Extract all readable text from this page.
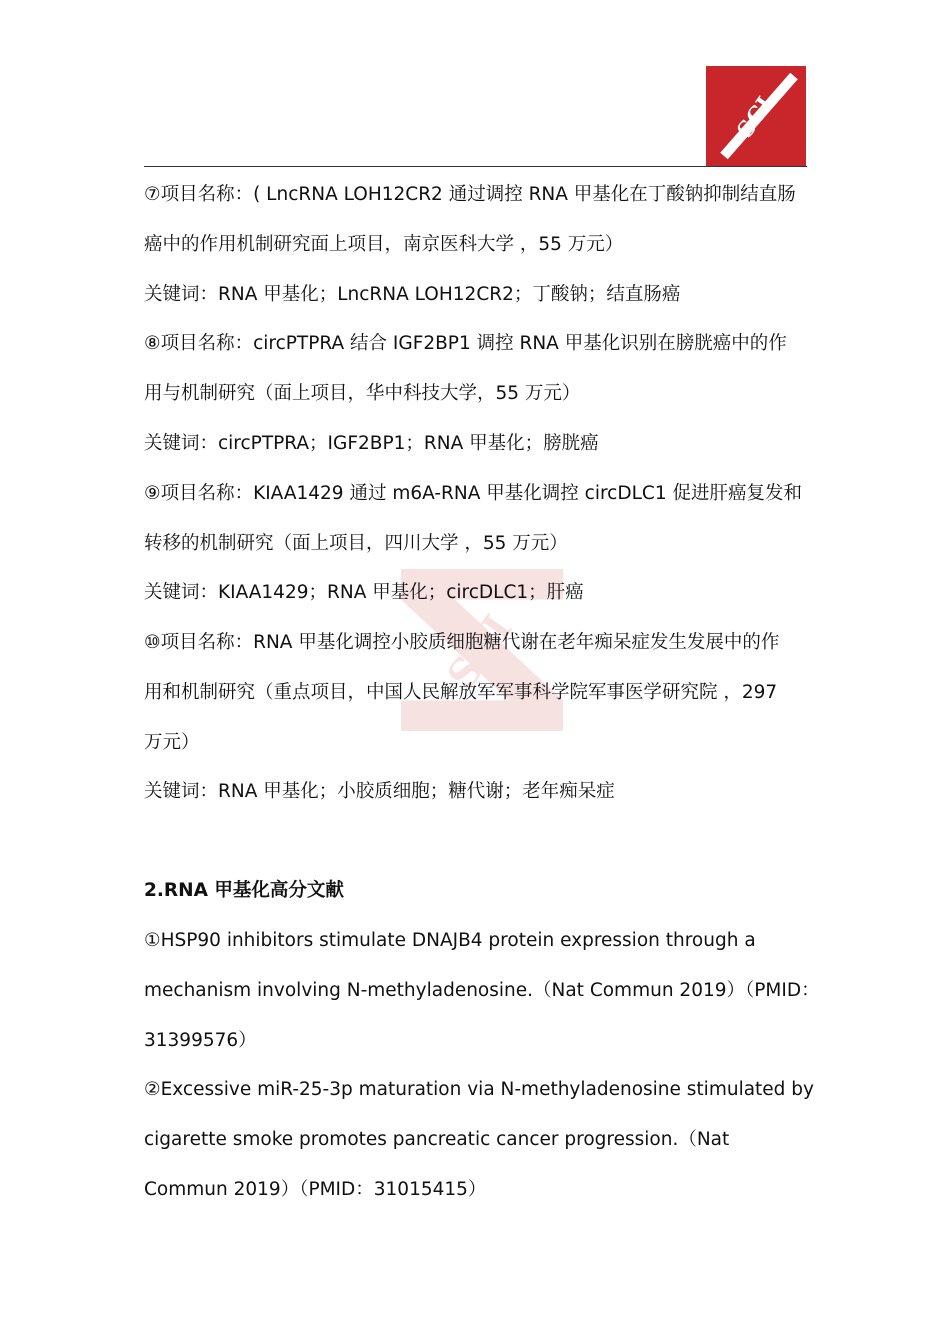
SCI
SCI
⑦项目名称：( LncRNA LOH12CR2 通过调控 RNA 甲基化在丁酸钠抑制结直肠
癌中的作用机制研究面上项目，南京医科大学 ，55 万元）
关键词：RNA 甲基化；LncRNA LOH12CR2；丁酸钠；结直肠癌
⑧项目名称：circPTPRA 结合 IGF2BP1 调控 RNA 甲基化识别在膀胱癌中的作
用与机制研究（面上项目，华中科技大学，55 万元）
关键词：circPTPRA；IGF2BP1；RNA 甲基化；膀胱癌
⑨项目名称：KIAA1429 通过 m6A-RNA 甲基化调控 circDLC1 促进肝癌复发和
转移的机制研究（面上项目，四川大学 ，55 万元）
关键词：KIAA1429；RNA 甲基化；circDLC1；肝癌
⑩项目名称：RNA 甲基化调控小胶质细胞糖代谢在老年痴呆症发生发展中的作
用和机制研究（重点项目，中国人民解放军军事科学院军事医学研究院 ，297
万元）
关键词：RNA 甲基化；小胶质细胞；糖代谢；老年痴呆症
2.RNA 甲基化高分文献
①HSP90 inhibitors stimulate DNAJB4 protein expression through a
mechanism involving N-methyladenosine.（Nat Commun 2019）（PMID：
31399576）
②Excessive miR-25-3p maturation via N-methyladenosine stimulated by
cigarette smoke promotes pancreatic cancer progression.（Nat
Commun 2019）（PMID：31015415）
